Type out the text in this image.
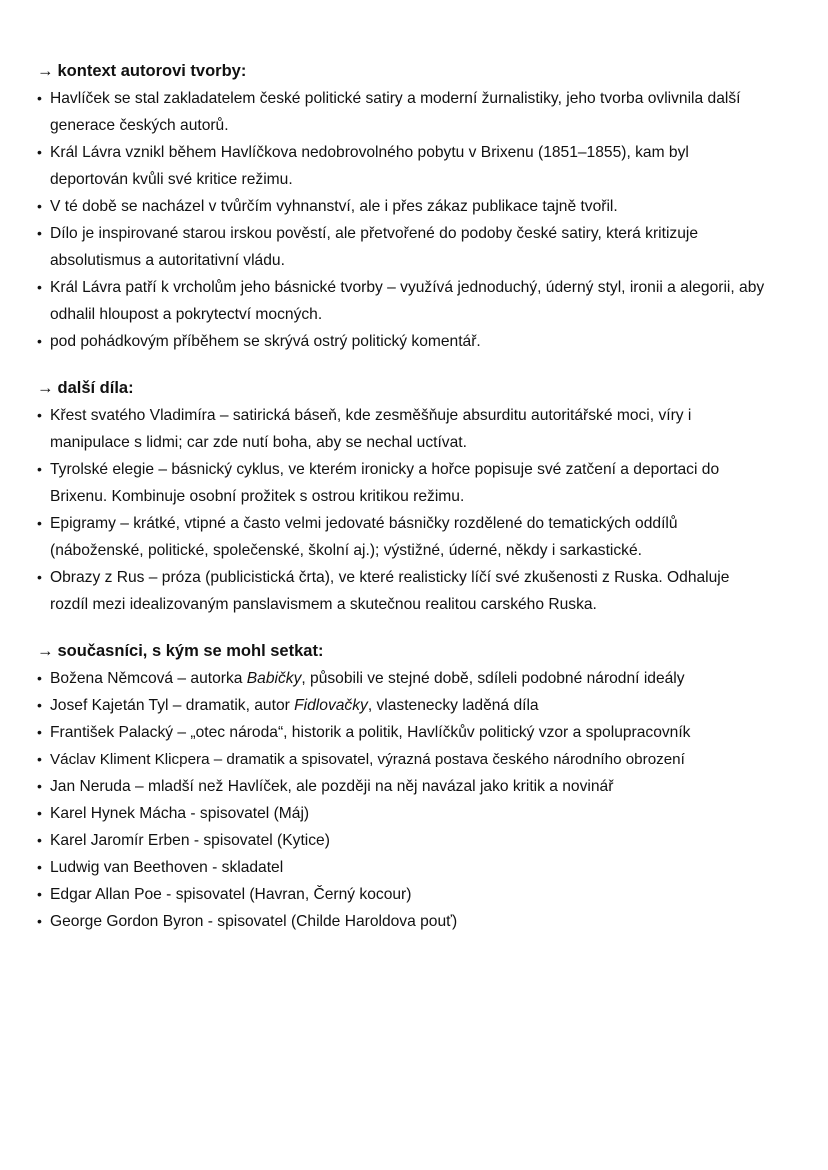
→ kontext autorovi tvorby:

• Havlíček se stal zakladatelem české politické satiry a moderní žurnalistiky, jeho tvorba ovlivnila další generace českých autorů.
• Král Lávra vznikl během Havlíčkova nedobrovolného pobytu v Brixenu (1851–1855), kam byl deportován kvůli své kritice režimu.
• V té době se nacházel v tvůrčím vyhnanství, ale i přes zákaz publikace tajně tvořil.
• Dílo je inspirované starou irskou pověstí, ale přetvořené do podoby české satiry, která kritizuje absolutismus a autoritativní vládu.
• Král Lávra patří k vrcholům jeho básnické tvorby – využívá jednoduchý, úderný styl, ironii a alegorii, aby odhalil hloupost a pokrytectví mocných.
• pod pohádkovým příběhem se skrývá ostrý politický komentář.

→ další díla:

• Křest svatého Vladimíra – satirická báseň, kde zesměšňuje absurditu autoritářské moci, víry i manipulace s lidmi; car zde nutí boha, aby se nechal uctívat.
• Tyrolské elegie – básnický cyklus, ve kterém ironicky a hořce popisuje své zatčení a deportaci do Brixenu. Kombinuje osobní prožitek s ostrou kritikou režimu.
• Epigramy – krátké, vtipné a často velmi jedovaté básničky rozdělené do tematických oddílů (náboženské, politické, společenské, školní aj.); výstižné, úderné, někdy i sarkastické.
• Obrazy z Rus – próza (publicistická črta), ve které realisticky líčí své zkušenosti z Ruska. Odhaluje rozdíl mezi idealizovaným panslavismem a skutečnou realitou carského Ruska.

→ současníci, s kým se mohl setkat:

• Božena Němcová – autorka Babičky, působili ve stejné době, sdíleli podobné národní ideály
• Josef Kajetán Tyl – dramatik, autor Fidlovačky, vlastenecky laděná díla
• František Palacký – „otec národa“, historik a politik, Havlíčkův politický vzor a spolupracovník
• Václav Kliment Klicpera – dramatik a spisovatel, výrazná postava českého národního obrození
• Jan Neruda – mladší než Havlíček, ale později na něj navázal jako kritik a novinář
• Karel Hynek Mácha - spisovatel (Máj)
• Karel Jaromír Erben - spisovatel (Kytice)
• Ludwig van Beethoven - skladatel
• Edgar Allan Poe - spisovatel (Havran, Černý kocour)
• George Gordon Byron - spisovatel (Childe Haroldova pouť)
